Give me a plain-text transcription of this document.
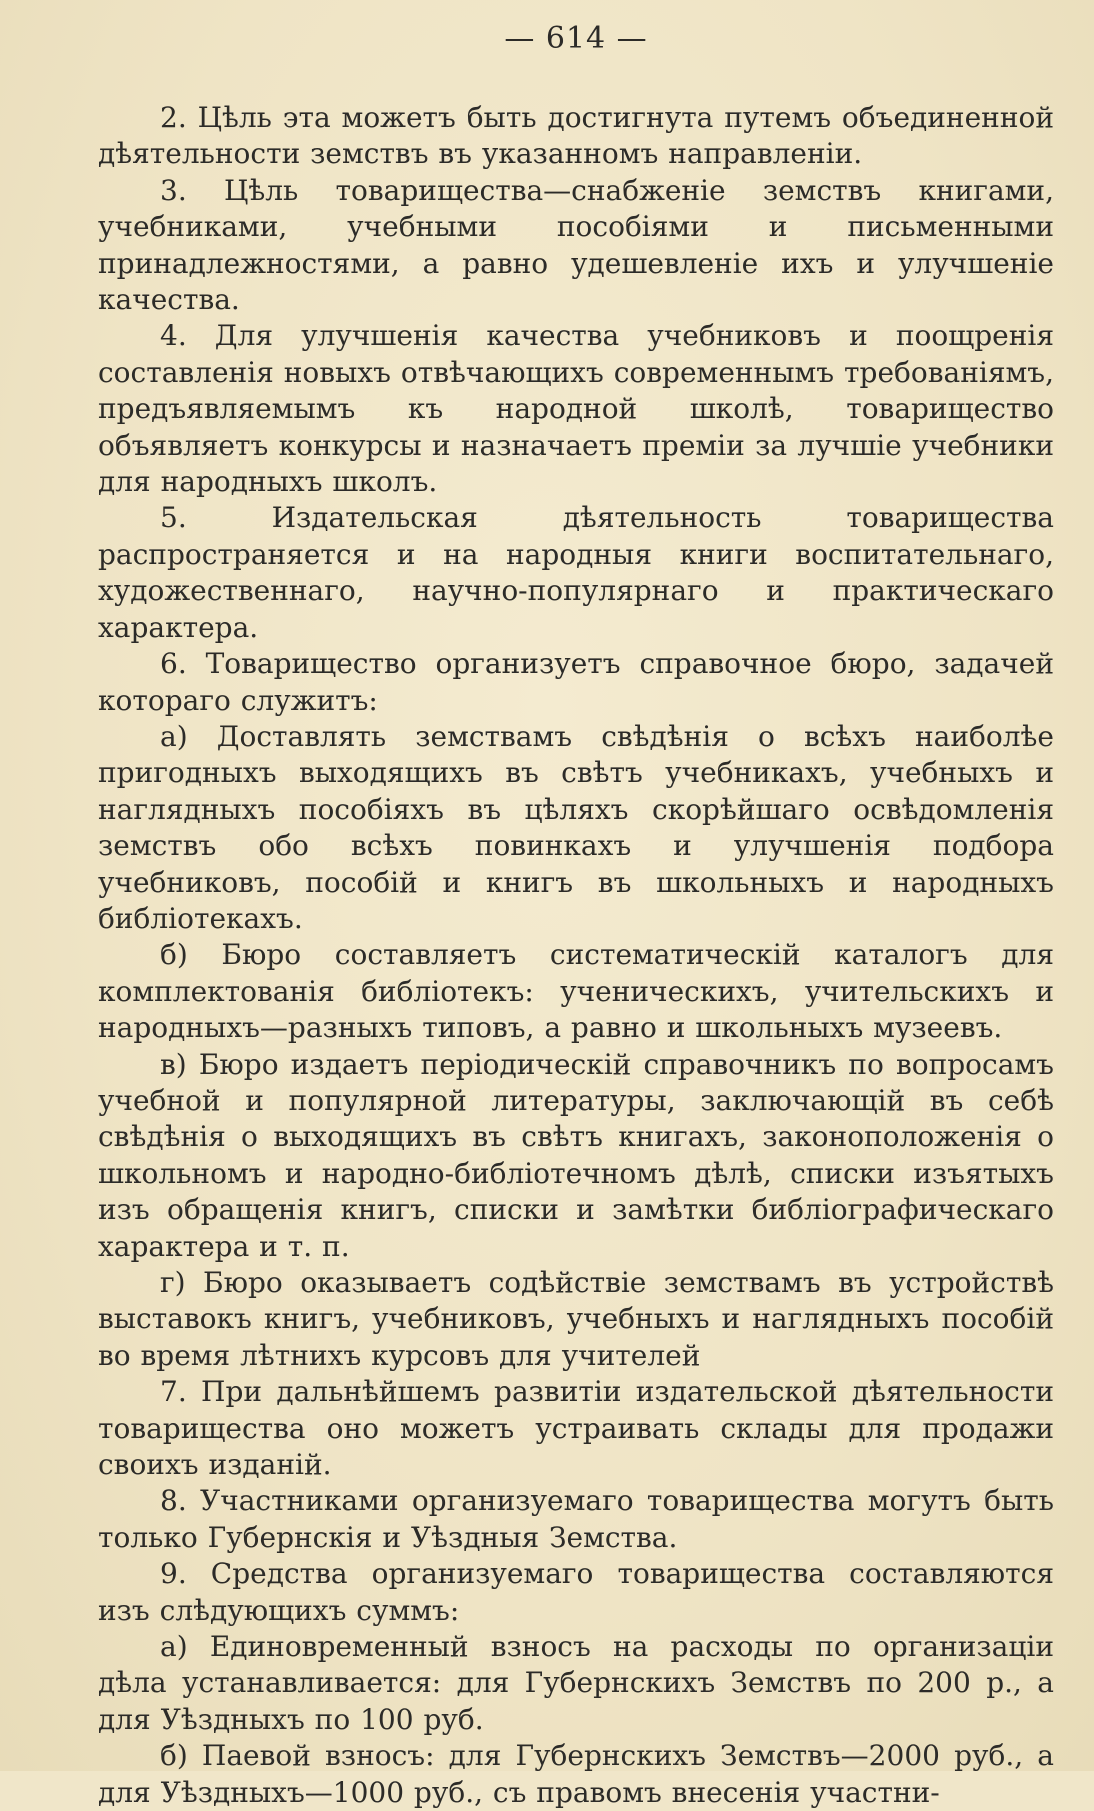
— 614 —

2. Цѣль эта можетъ быть достигнута путемъ объединенной дѣятельности земствъ въ указанномъ направленіи.

3. Цѣль товарищества—снабженіе земствъ книгами, учебниками, учебными пособіями и письменными принадлежностями, а равно удешевленіе ихъ и улучшеніе качества.

4. Для улучшенія качества учебниковъ и поощренія составленія новыхъ отвѣчающихъ современнымъ требованіямъ, предъявляемымъ къ народной школѣ, товарищество объявляетъ конкурсы и назначаетъ преміи за лучшіе учебники для народныхъ школъ.

5. Издательская дѣятельность товарищества распространяется и на народныя книги воспитательнаго, художественнаго, научно-популярнаго и практическаго характера.

6. Товарищество организуетъ справочное бюро, задачей котораго служитъ:

а) Доставлять земствамъ свѣдѣнія о всѣхъ наиболѣе пригодныхъ выходящихъ въ свѣтъ учебникахъ, учебныхъ и наглядныхъ пособіяхъ въ цѣляхъ скорѣйшаго освѣдомленія земствъ обо всѣхъ повинкахъ и улучшенія подбора учебниковъ, пособій и книгъ въ школьныхъ и народныхъ библіотекахъ.

б) Бюро составляетъ систематическій каталогъ для комплектованія библіотекъ: ученическихъ, учительскихъ и народныхъ—разныхъ типовъ, а равно и школьныхъ музеевъ.

в) Бюро издаетъ періодическій справочникъ по вопросамъ учебной и популярной литературы, заключающій въ себѣ свѣдѣнія о выходящихъ въ свѣтъ книгахъ, законоположенія о школьномъ и народно-библіотечномъ дѣлѣ, списки изъятыхъ изъ обращенія книгъ, списки и замѣтки библіографическаго характера и т. п.

г) Бюро оказываетъ содѣйствіе земствамъ въ устройствѣ выставокъ книгъ, учебниковъ, учебныхъ и наглядныхъ пособій во время лѣтнихъ курсовъ для учителей

7. При дальнѣйшемъ развитіи издательской дѣятельности товарищества оно можетъ устраивать склады для продажи своихъ изданій.

8. Участниками организуемаго товарищества могутъ быть только Губернскія и Уѣздныя Земства.

9. Средства организуемаго товарищества составляются изъ слѣдующихъ суммъ:

а) Единовременный взносъ на расходы по организаціи дѣла устанавливается: для Губернскихъ Земствъ по 200 р., а для Уѣздныхъ по 100 руб.

б) Паевой взносъ: для Губернскихъ Земствъ—2000 руб., а для Уѣздныхъ—1000 руб., съ правомъ внесенія участни-
